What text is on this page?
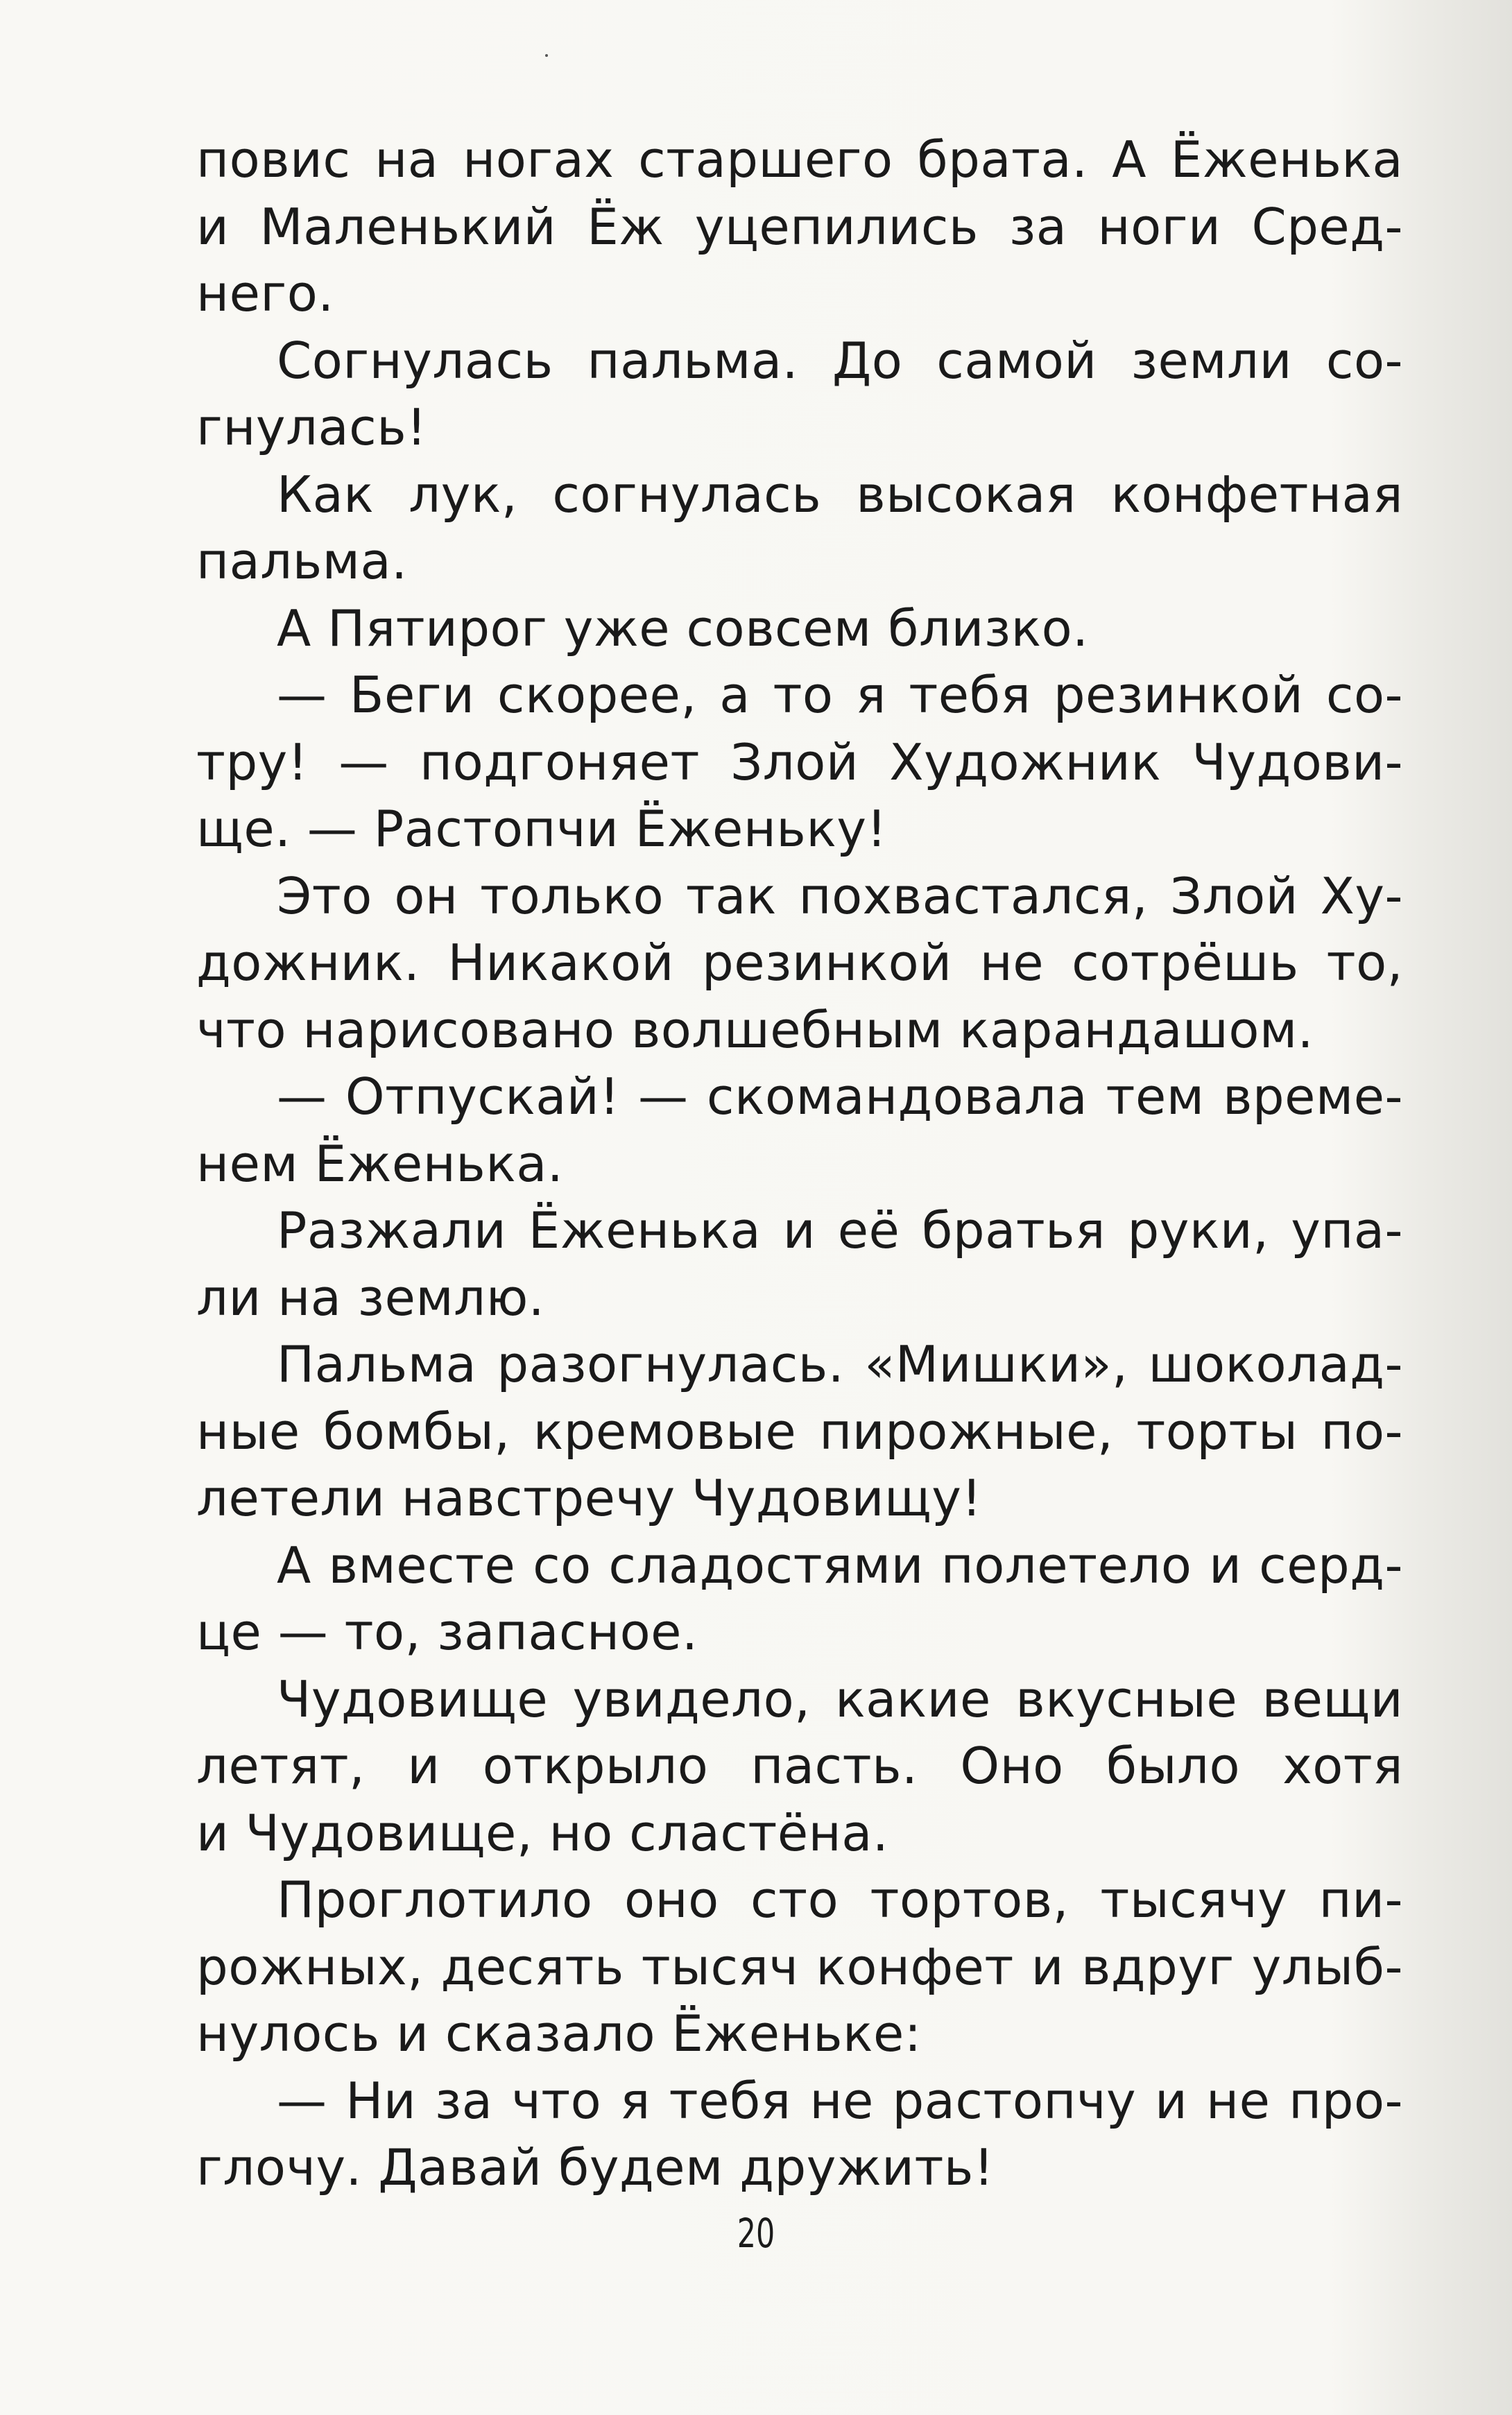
повис на ногах старшего брата. А Ёженька
и Маленький Ёж уцепились за ноги Сред-
него.
Согнулась пальма. До самой земли со-
гнулась!
Как лук, согнулась высокая конфетная
пальма.
А Пятирог уже совсем близко.
— Беги скорее, а то я тебя резинкой со-
тру! — подгоняет Злой Художник Чудови-
ще. — Растопчи Ёженьку!
Это он только так похвастался, Злой Ху-
дожник. Никакой резинкой не сотрёшь то,
что нарисовано волшебным карандашом.
— Отпускай! — скомандовала тем време-
нем Ёженька.
Разжали Ёженька и её братья руки, упа-
ли на землю.
Пальма разогнулась. «Мишки», шоколад-
ные бомбы, кремовые пирожные, торты по-
летели навстречу Чудовищу!
А вместе со сладостями полетело и серд-
це — то, запасное.
Чудовище увидело, какие вкусные вещи
летят, и открыло пасть. Оно было хотя
и Чудовище, но сластёна.
Проглотило оно сто тортов, тысячу пи-
рожных, десять тысяч конфет и вдруг улыб-
нулось и сказало Ёженьке:
— Ни за что я тебя не растопчу и не про-
глочу. Давай будем дружить!
20
